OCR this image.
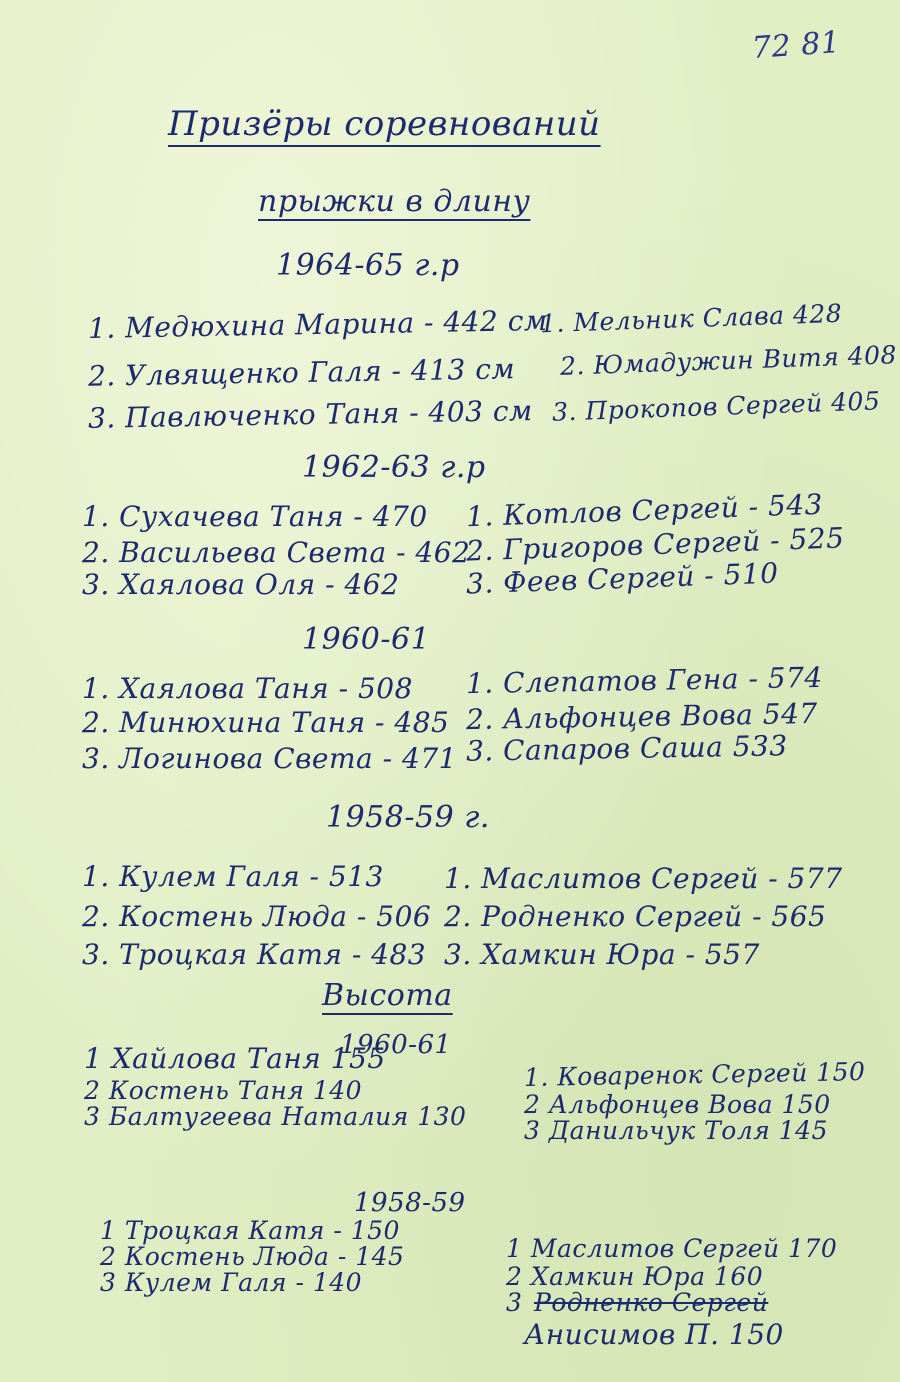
72 81
Призёры соревнований
прыжки в длину
1964-65 г.р
1. Медюхина Марина - 442 см
2. Улвященко Галя - 413 см
3. Павлюченко Таня - 403 см
1. Мельник Слава 428
2. Юмадужин Витя 408
3. Прокопов Сергей 405
1962-63 г.р
1. Сухачева Таня - 470
2. Васильева Света - 462
3. Хаялова Оля - 462
1. Котлов Сергей - 543
2. Григоров Сергей - 525
3. Феев Сергей - 510
1960-61
1. Хаялова Таня - 508
2. Минюхина Таня - 485
3. Логинова Света - 471
1. Слепатов Гена - 574
2. Альфонцев Вова 547
3. Сапаров Саша 533
1958-59 г.
1. Кулем Галя - 513
2. Костень Люда - 506
3. Троцкая Катя - 483
1. Маслитов Сергей - 577
2. Родненко Сергей - 565
3. Хамкин Юра - 557
Высота
1960-61
1 Хайлова Таня 155
2 Костень Таня 140
3 Балтугеева Наталия 130
1. Коваренок Сергей 150
2 Альфонцев Вова 150
3 Данильчук Толя 145
1958-59
1 Троцкая Катя - 150
2 Костень Люда - 145
3 Кулем Галя - 140
1 Маслитов Сергей 170
2 Хамкин Юра 160
3 Родненко Сергей
Анисимов П. 150
